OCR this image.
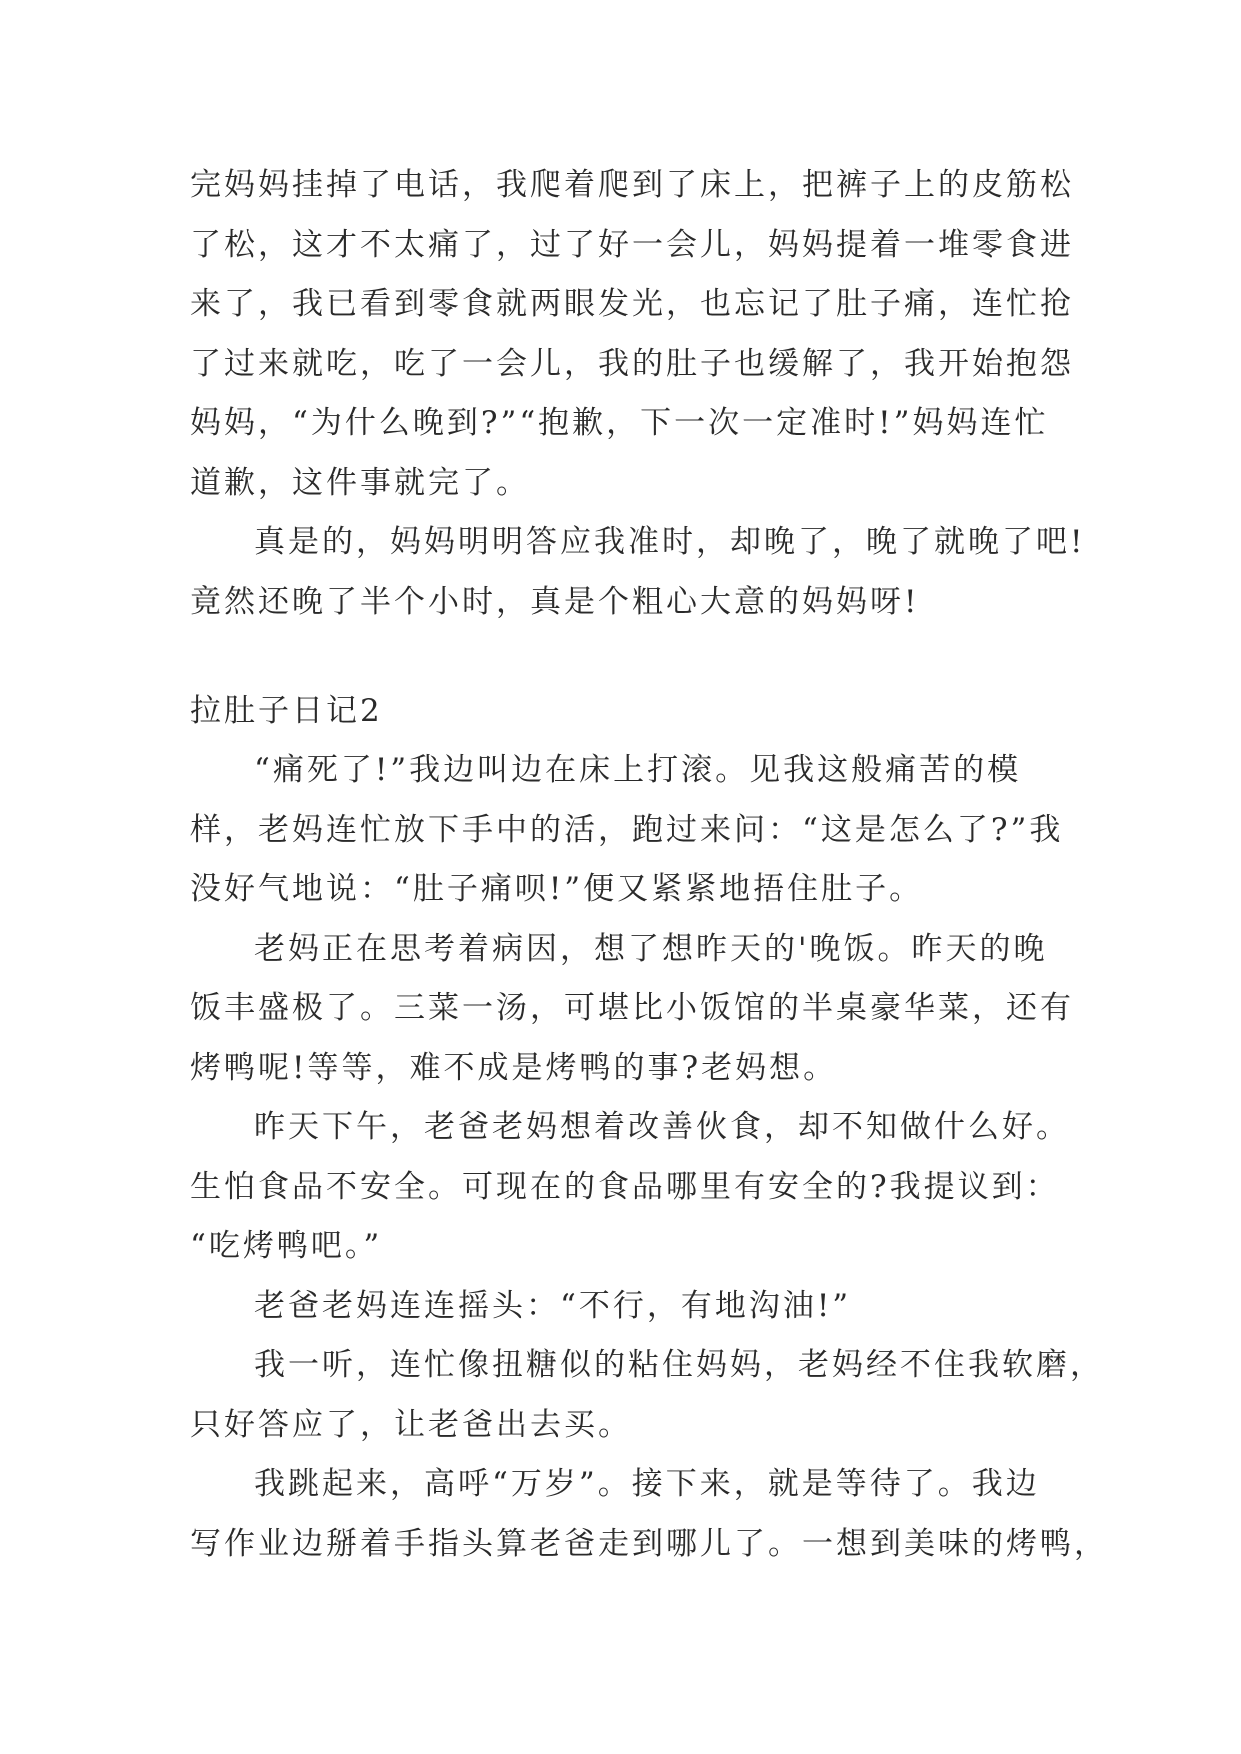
完妈妈挂掉了电话，我爬着爬到了床上，把裤子上的皮筋松
了松，这才不太痛了，过了好一会儿，妈妈提着一堆零食进
来了，我已看到零食就两眼发光，也忘记了肚子痛，连忙抢
了过来就吃，吃了一会儿，我的肚子也缓解了，我开始抱怨
妈妈，“为什么晚到?”“抱歉，下一次一定准时!”妈妈连忙
道歉，这件事就完了。

真是的，妈妈明明答应我准时，却晚了，晚了就晚了吧!
竟然还晚了半个小时，真是个粗心大意的妈妈呀!

拉肚子日记2

“痛死了!”我边叫边在床上打滚。见我这般痛苦的模
样，老妈连忙放下手中的活，跑过来问：“这是怎么了?”我
没好气地说：“肚子痛呗!”便又紧紧地捂住肚子。

老妈正在思考着病因，想了想昨天的'晚饭。昨天的晚
饭丰盛极了。三菜一汤，可堪比小饭馆的半桌豪华菜，还有
烤鸭呢!等等，难不成是烤鸭的事?老妈想。

昨天下午，老爸老妈想着改善伙食，却不知做什么好。
生怕食品不安全。可现在的食品哪里有安全的?我提议到：
“吃烤鸭吧。”

老爸老妈连连摇头：“不行，有地沟油!”

我一听，连忙像扭糖似的粘住妈妈，老妈经不住我软磨，
只好答应了，让老爸出去买。

我跳起来，高呼“万岁”。接下来，就是等待了。我边
写作业边掰着手指头算老爸走到哪儿了。一想到美味的烤鸭，
